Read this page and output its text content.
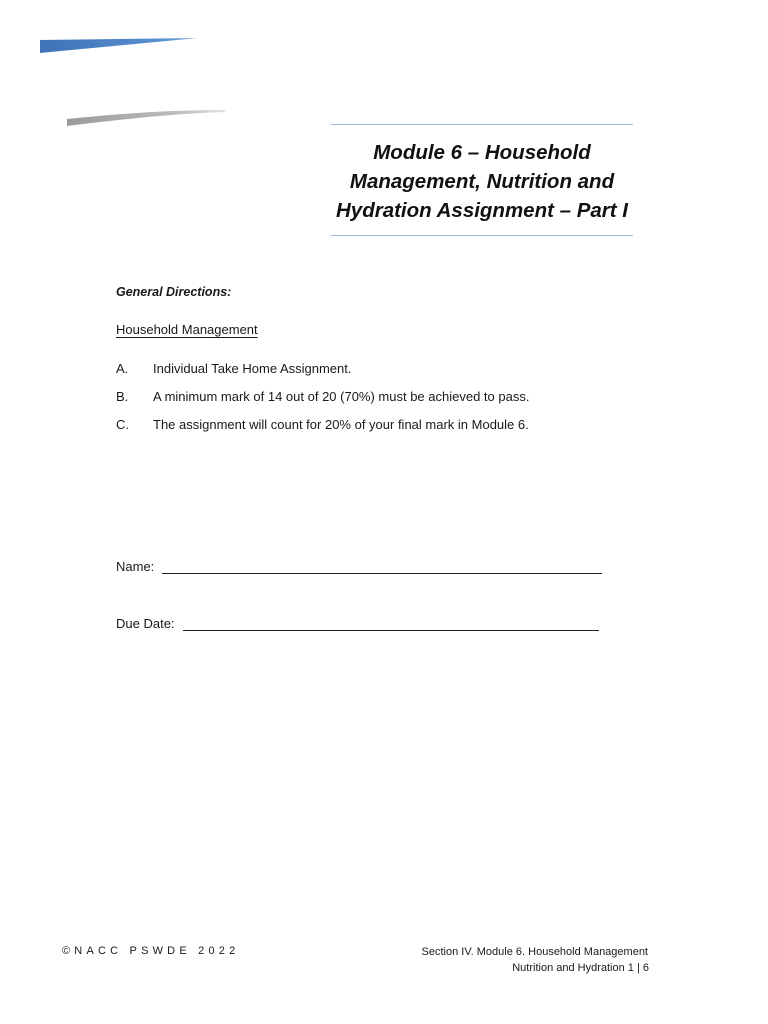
Module 6 – Household
Management, Nutrition and
Hydration Assignment – Part I
General Directions:
Household Management
A.	Individual Take Home Assignment.
B.	A minimum mark of 14 out of 20 (70%) must be achieved to pass.
C.	The assignment will count for 20% of your final mark in Module 6.
Name:
Due Date:
©NACC PSWDE 2022	Section IV. Module 6. Household Management
Nutrition and Hydration 1 | 6
